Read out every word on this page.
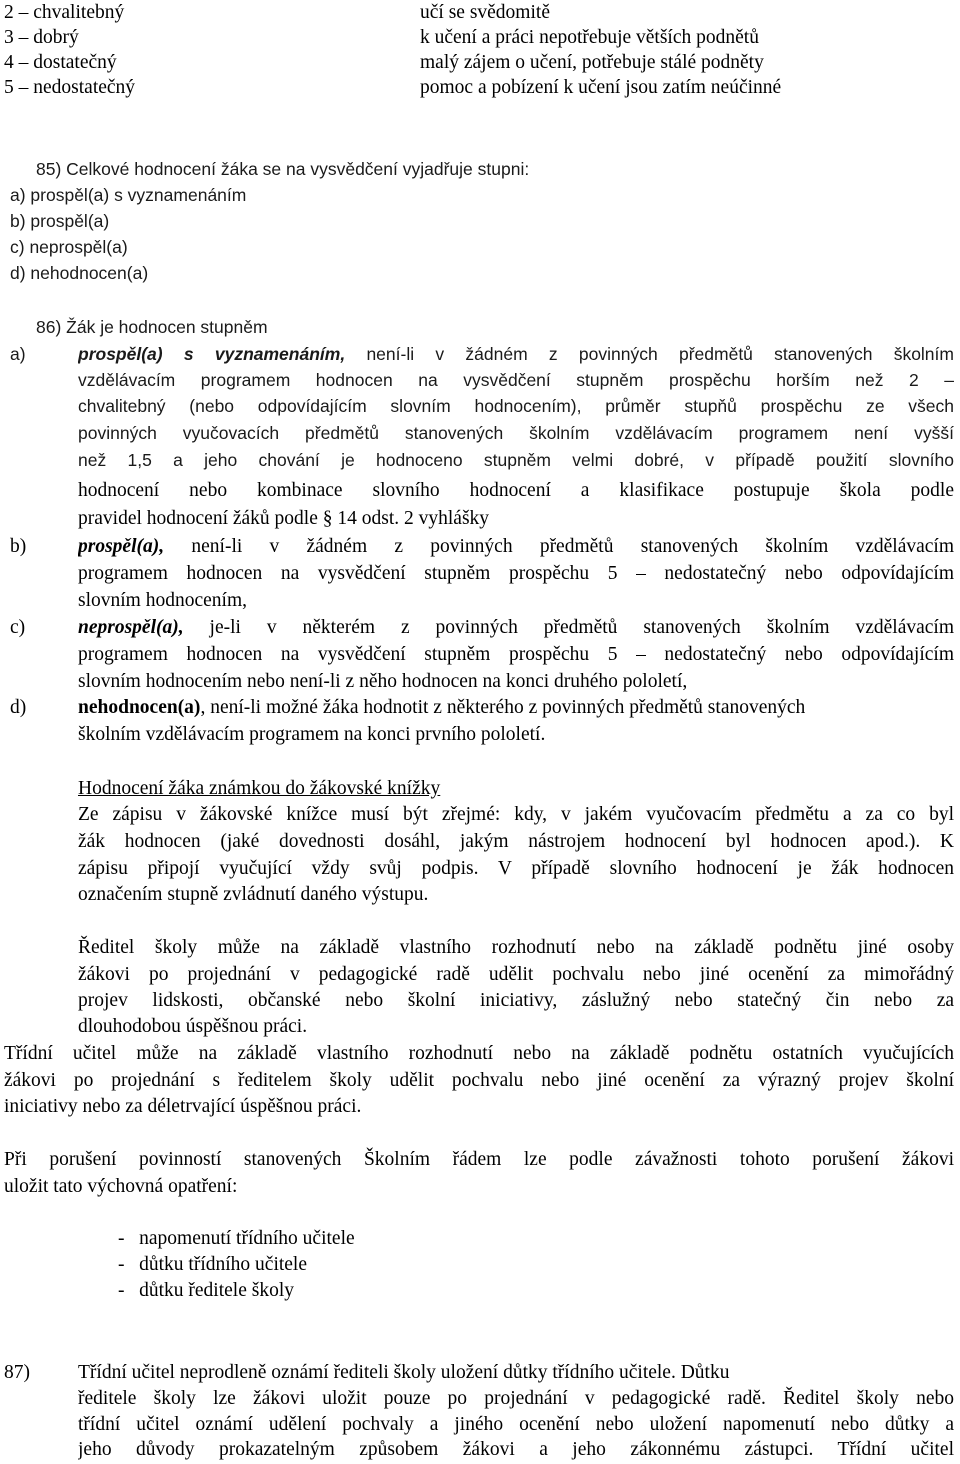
2 – chvalitebný	učí se svědomitě
3 – dobrý	k učení a práci nepotřebuje větších podnětů
4 – dostatečný	malý zájem o učení, potřebuje stálé podněty
5 – nedostatečný	pomoc a pobízení k učení jsou zatím neúčinné
85) Celkové hodnocení žáka se na vysvědčení vyjadřuje stupni:
a) prospěl(a) s vyznamenáním
b) prospěl(a)
c) neprospěl(a)
d) nehodnocen(a)
86) Žák je hodnocen stupněm
a)	prospěl(a) s vyznamenáním, není-li v žádném z povinných předmětů stanovených školním
vzdělávacím programem hodnocen na vysvědčení stupněm prospěchu horším než 2 –
chvalitebný (nebo odpovídajícím slovním hodnocením), průměr stupňů prospěchu ze všech
povinných vyučovacích předmětů stanovených školním vzdělávacím programem není vyšší
než 1,5 a jeho chování je hodnoceno stupněm velmi dobré, v případě použití slovního
hodnocení nebo kombinace slovního hodnocení a klasifikace postupuje škola podle
pravidel hodnocení žáků podle § 14 odst. 2 vyhlášky
b)	prospěl(a), není-li v žádném z povinných předmětů stanovených školním vzdělávacím
programem hodnocen na vysvědčení stupněm prospěchu 5 – nedostatečný nebo odpovídajícím
slovním hodnocením,
c)	neprospěl(a), je-li v některém z povinných předmětů stanovených školním vzdělávacím
programem hodnocen na vysvědčení stupněm prospěchu 5 – nedostatečný nebo odpovídajícím
slovním hodnocením nebo není-li z něho hodnocen na konci druhého pololetí,
d)	nehodnocen(a), není-li možné žáka hodnotit z některého z povinných předmětů stanovených
školním vzdělávacím programem na konci prvního pololetí.
Hodnocení žáka známkou do žákovské knížky
Ze zápisu v žákovské knížce musí být zřejmé: kdy, v jakém vyučovacím předmětu a za co byl
žák hodnocen (jaké dovednosti dosáhl, jakým nástrojem hodnocení byl hodnocen apod.). K
zápisu připojí vyučující vždy svůj podpis. V případě slovního hodnocení je žák hodnocen
označením stupně zvládnutí daného výstupu.
Ředitel školy může na základě vlastního rozhodnutí nebo na základě podnětu jiné osoby
žákovi po projednání v pedagogické radě udělit pochvalu nebo jiné ocenění za mimořádný
projev lidskosti, občanské nebo školní iniciativy, záslužný nebo statečný čin nebo za
dlouhodobou úspěšnou práci.
Třídní učitel může na základě vlastního rozhodnutí nebo na základě podnětu ostatních vyučujících
žákovi po projednání s ředitelem školy udělit pochvalu nebo jiné ocenění za výrazný projev školní
iniciativy nebo za déletrvající úspěšnou práci.
Při porušení povinností stanovených Školním řádem lze podle závažnosti tohoto porušení žákovi
uložit tato výchovná opatření:
-   napomenutí třídního učitele
-   důtku třídního učitele
-   důtku ředitele školy
87) Třídní učitel neprodleně oznámí řediteli školy uložení důtky třídního učitele. Důtku
ředitele školy lze žákovi uložit pouze po projednání v pedagogické radě. Ředitel školy nebo
třídní učitel oznámí udělení pochvaly a jiného ocenění nebo uložení napomenutí nebo důtky a
jeho důvody prokazatelným způsobem žákovi a jeho zákonnému zástupci. Třídní učitel
